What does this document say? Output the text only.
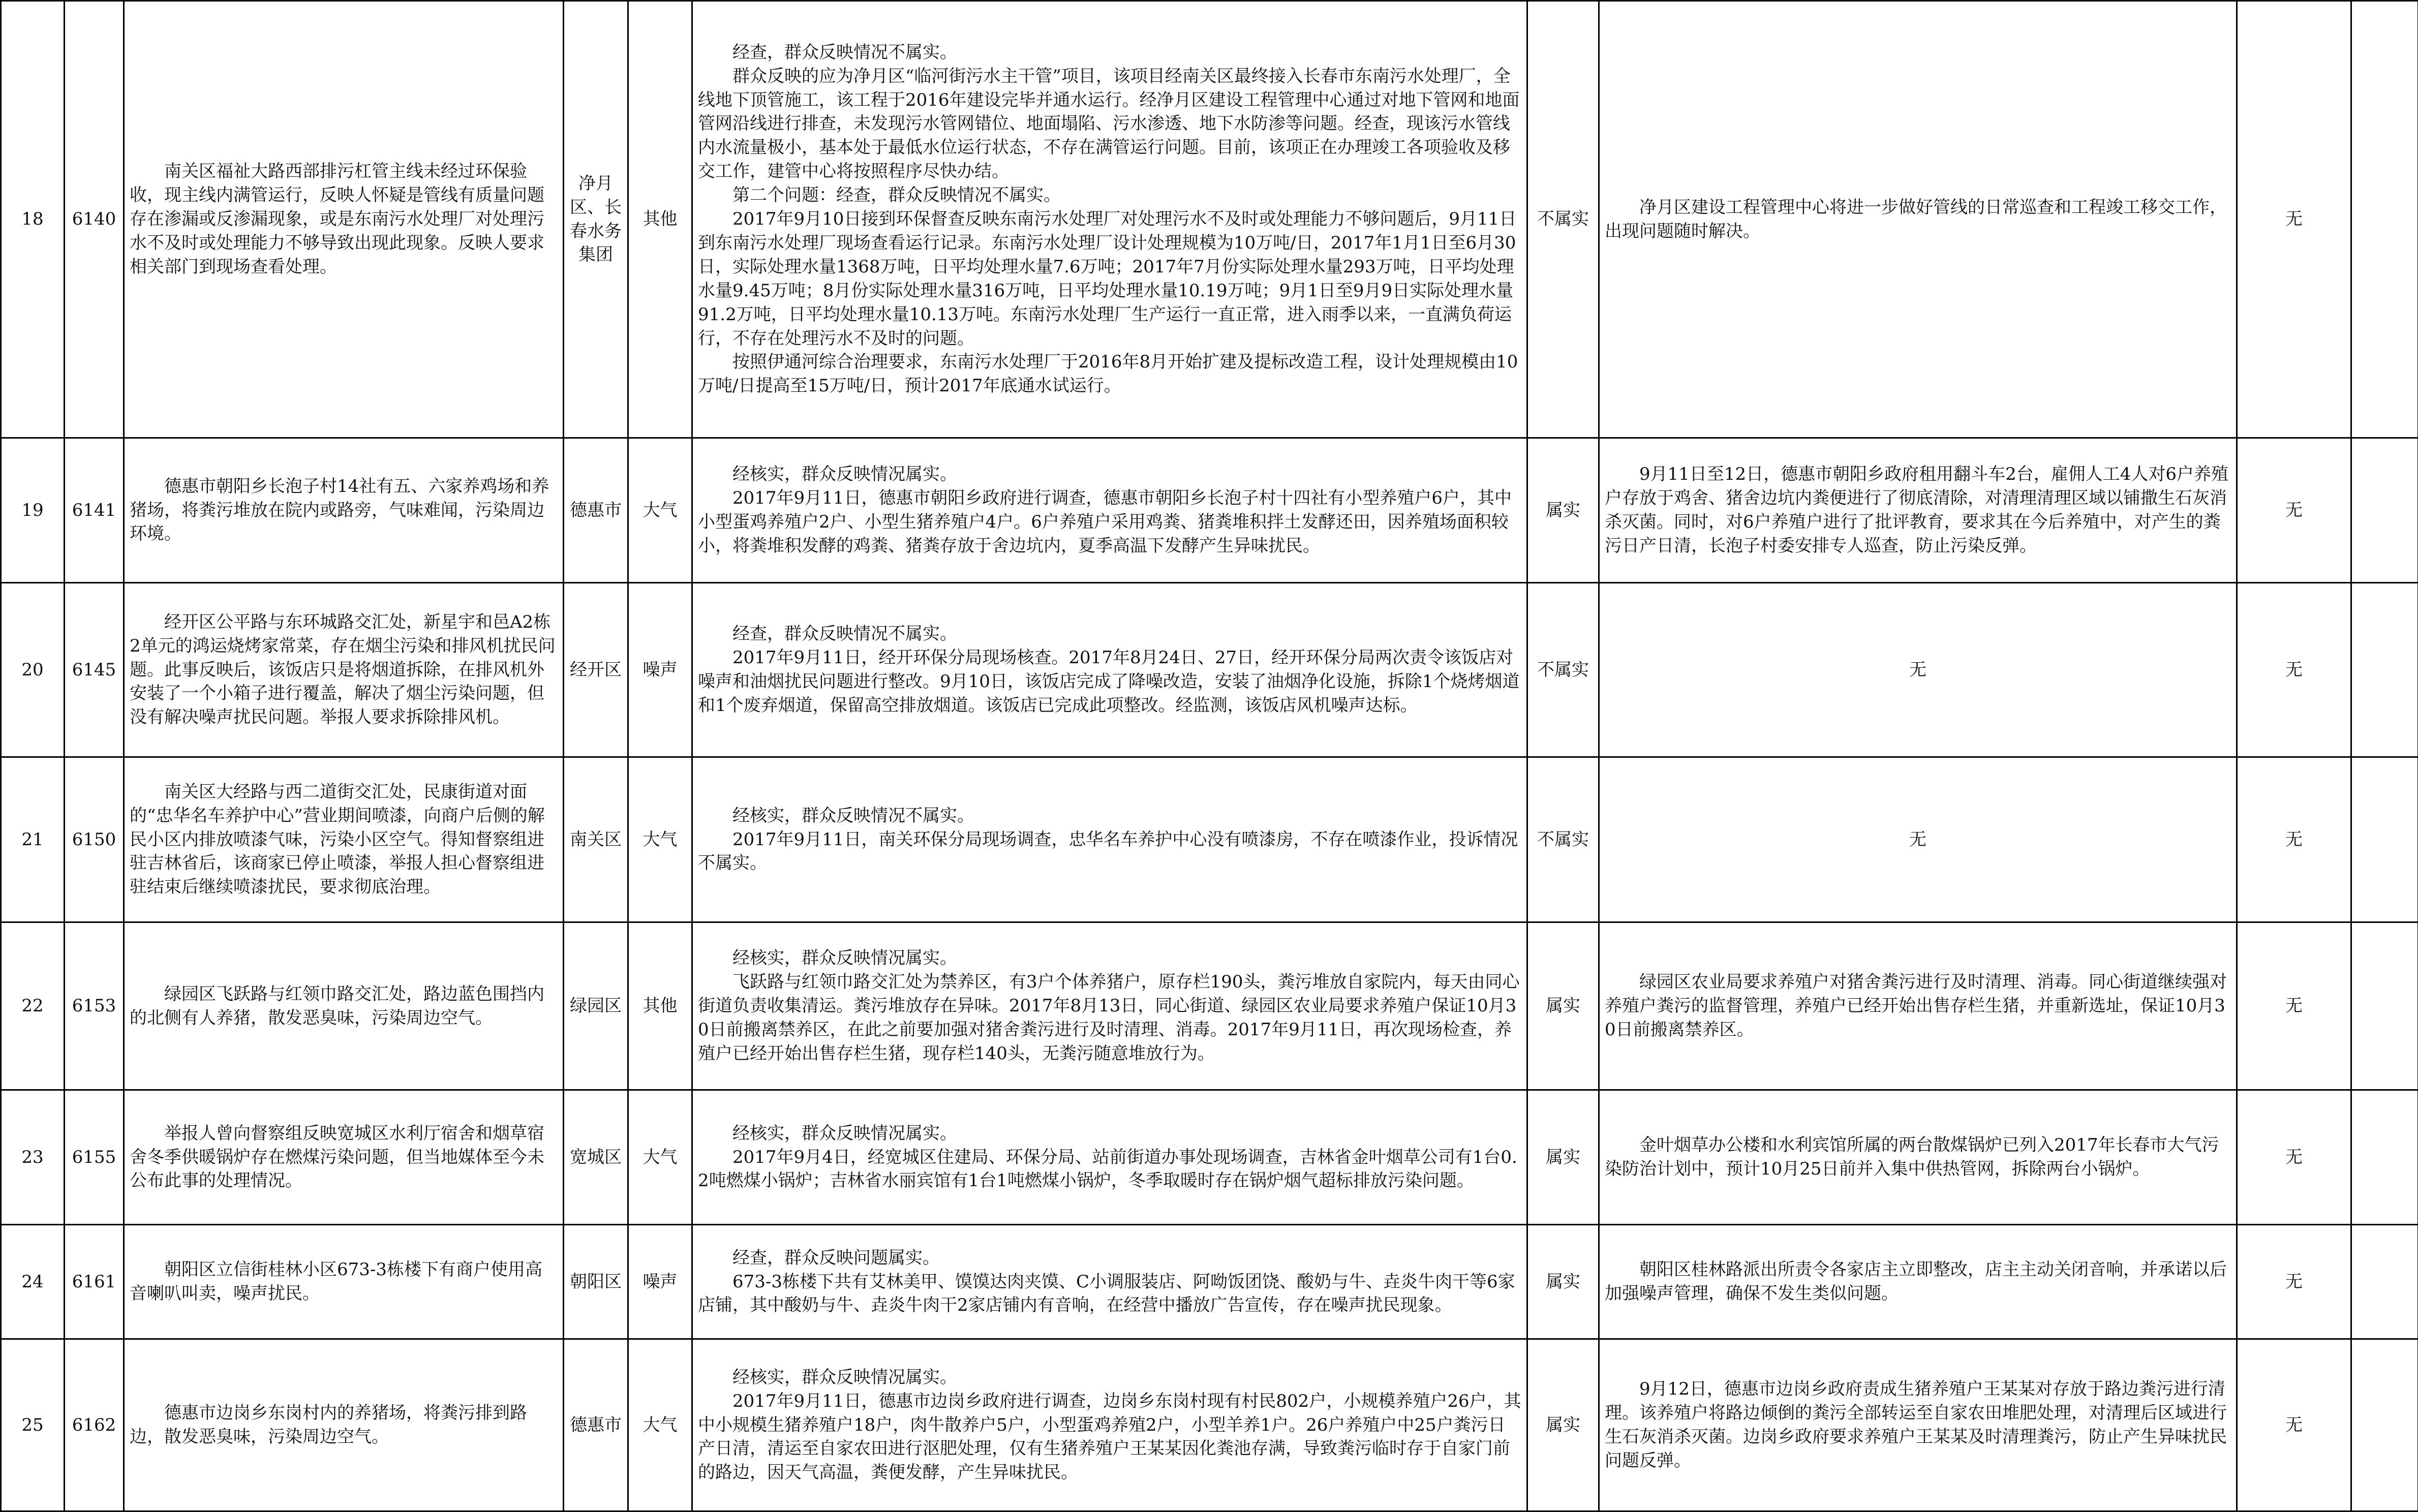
18	6140	南关区福祉大路西部排污杠管主线未经过环保验收，现主线内满管运行，反映人怀疑是管线有质量问题存在渗漏或反渗漏现象，或是东南污水处理厂对处理污水不及时或处理能力不够导致出现此现象。反映人要求相关部门到现场查看处理。	净月区、长春水务集团	其他	经查，群众反映情况不属实。
群众反映的应为净月区“临河街污水主干管”项目，该项目经南关区最终接入长春市东南污水处理厂，全线地下顶管施工，该工程于2016年建设完毕并通水运行。经净月区建设工程管理中心通过对地下管网和地面管网沿线进行排查，未发现污水管网错位、地面塌陷、污水渗透、地下水防渗等问题。经查，现该污水管线内水流量极小，基本处于最低水位运行状态，不存在满管运行问题。目前，该项正在办理竣工各项验收及移交工作，建管中心将按照程序尽快办结。
第二个问题：经查，群众反映情况不属实。
2017年9月10日接到环保督查反映东南污水处理厂对处理污水不及时或处理能力不够问题后，9月11日到东南污水处理厂现场查看运行记录。东南污水处理厂设计处理规模为10万吨/日，2017年1月1日至6月30日，实际处理水量1368万吨，日平均处理水量7.6万吨；2017年7月份实际处理水量293万吨，日平均处理水量9.45万吨；8月份实际处理水量316万吨，日平均处理水量10.19万吨；9月1日至9月9日实际处理水量91.2万吨，日平均处理水量10.13万吨。东南污水处理厂生产运行一直正常，进入雨季以来，一直满负荷运行，不存在处理污水不及时的问题。
按照伊通河综合治理要求，东南污水处理厂于2016年8月开始扩建及提标改造工程，设计处理规模由10万吨/日提高至15万吨/日，预计2017年底通水试运行。	不属实	净月区建设工程管理中心将进一步做好管线的日常巡查和工程竣工移交工作，出现问题随时解决。	无	
19	6141	德惠市朝阳乡长泡子村14社有五、六家养鸡场和养猪场，将粪污堆放在院内或路旁，气味难闻，污染周边环境。	德惠市	大气	经核实，群众反映情况属实。
2017年9月11日，德惠市朝阳乡政府进行调查，德惠市朝阳乡长泡子村十四社有小型养殖户6户，其中小型蛋鸡养殖户2户、小型生猪养殖户4户。6户养殖户采用鸡粪、猪粪堆积拌土发酵还田，因养殖场面积较小，将粪堆积发酵的鸡粪、猪粪存放于舍边坑内，夏季高温下发酵产生异味扰民。	属实	9月11日至12日，德惠市朝阳乡政府租用翻斗车2台，雇佣人工4人对6户养殖户存放于鸡舍、猪舍边坑内粪便进行了彻底清除，对清理清理区域以铺撒生石灰消杀灭菌。同时，对6户养殖户进行了批评教育，要求其在今后养殖中，对产生的粪污日产日清，长泡子村委安排专人巡查，防止污染反弹。	无	
20	6145	经开区公平路与东环城路交汇处，新星宇和邑A2栋2单元的鸿运烧烤家常菜，存在烟尘污染和排风机扰民问题。此事反映后，该饭店只是将烟道拆除，在排风机外安装了一个小箱子进行覆盖，解决了烟尘污染问题，但没有解决噪声扰民问题。举报人要求拆除排风机。	经开区	噪声	经查，群众反映情况不属实。
2017年9月11日，经开环保分局现场核查。2017年8月24日、27日，经开环保分局两次责令该饭店对噪声和油烟扰民问题进行整改。9月10日，该饭店完成了降噪改造，安装了油烟净化设施，拆除1个烧烤烟道和1个废弃烟道，保留高空排放烟道。该饭店已完成此项整改。经监测，该饭店风机噪声达标。	不属实	无	无	
21	6150	南关区大经路与西二道街交汇处，民康街道对面的“忠华名车养护中心”营业期间喷漆，向商户后侧的解民小区内排放喷漆气味，污染小区空气。得知督察组进驻吉林省后，该商家已停止喷漆，举报人担心督察组进驻结束后继续喷漆扰民，要求彻底治理。	南关区	大气	经核实，群众反映情况不属实。
2017年9月11日，南关环保分局现场调查，忠华名车养护中心没有喷漆房，不存在喷漆作业，投诉情况不属实。	不属实	无	无	
22	6153	绿园区飞跃路与红领巾路交汇处，路边蓝色围挡内的北侧有人养猪，散发恶臭味，污染周边空气。	绿园区	其他	经核实，群众反映情况属实。
飞跃路与红领巾路交汇处为禁养区，有3户个体养猪户，原存栏190头，粪污堆放自家院内，每天由同心街道负责收集清运。粪污堆放存在异味。2017年8月13日，同心街道、绿园区农业局要求养殖户保证10月30日前搬离禁养区，在此之前要加强对猪舍粪污进行及时清理、消毒。2017年9月11日，再次现场检查，养殖户已经开始出售存栏生猪，现存栏140头，无粪污随意堆放行为。	属实	绿园区农业局要求养殖户对猪舍粪污进行及时清理、消毒。同心街道继续强对养殖户粪污的监督管理，养殖户已经开始出售存栏生猪，并重新选址，保证10月30日前搬离禁养区。	无	
23	6155	举报人曾向督察组反映宽城区水利厅宿舍和烟草宿舍冬季供暖锅炉存在燃煤污染问题，但当地媒体至今未公布此事的处理情况。	宽城区	大气	经核实，群众反映情况属实。
2017年9月4日，经宽城区住建局、环保分局、站前街道办事处现场调查，吉林省金叶烟草公司有1台0.2吨燃煤小锅炉；吉林省水丽宾馆有1台1吨燃煤小锅炉，冬季取暖时存在锅炉烟气超标排放污染问题。	属实	金叶烟草办公楼和水利宾馆所属的两台散煤锅炉已列入2017年长春市大气污染防治计划中，预计10月25日前并入集中供热管网，拆除两台小锅炉。	无	
24	6161	朝阳区立信街桂林小区673-3栋楼下有商户使用高音喇叭叫卖，噪声扰民。	朝阳区	噪声	经查，群众反映问题属实。
673-3栋楼下共有艾林美甲、馍馍达肉夹馍、C小调服装店、阿呦饭团饶、酸奶与牛、垚炎牛肉干等6家店铺，其中酸奶与牛、垚炎牛肉干2家店铺内有音响，在经营中播放广告宣传，存在噪声扰民现象。	属实	朝阳区桂林路派出所责令各家店主立即整改，店主主动关闭音响，并承诺以后加强噪声管理，确保不发生类似问题。	无	
25	6162	德惠市边岗乡东岗村内的养猪场，将粪污排到路边，散发恶臭味，污染周边空气。	德惠市	大气	经核实，群众反映情况属实。
2017年9月11日，德惠市边岗乡政府进行调查，边岗乡东岗村现有村民802户，小规模养殖户26户，其中小规模生猪养殖户18户，肉牛散养户5户，小型蛋鸡养殖2户，小型羊养1户。26户养殖户中25户粪污日产日清，清运至自家农田进行沤肥处理，仅有生猪养殖户王某某因化粪池存满，导致粪污临时存于自家门前的路边，因天气高温，粪便发酵，产生异味扰民。	属实	9月12日，德惠市边岗乡政府责成生猪养殖户王某某对存放于路边粪污进行清理。该养殖户将路边倾倒的粪污全部转运至自家农田堆肥处理，对清理后区域进行生石灰消杀灭菌。边岗乡政府要求养殖户王某某及时清理粪污，防止产生异味扰民问题反弹。	无	
